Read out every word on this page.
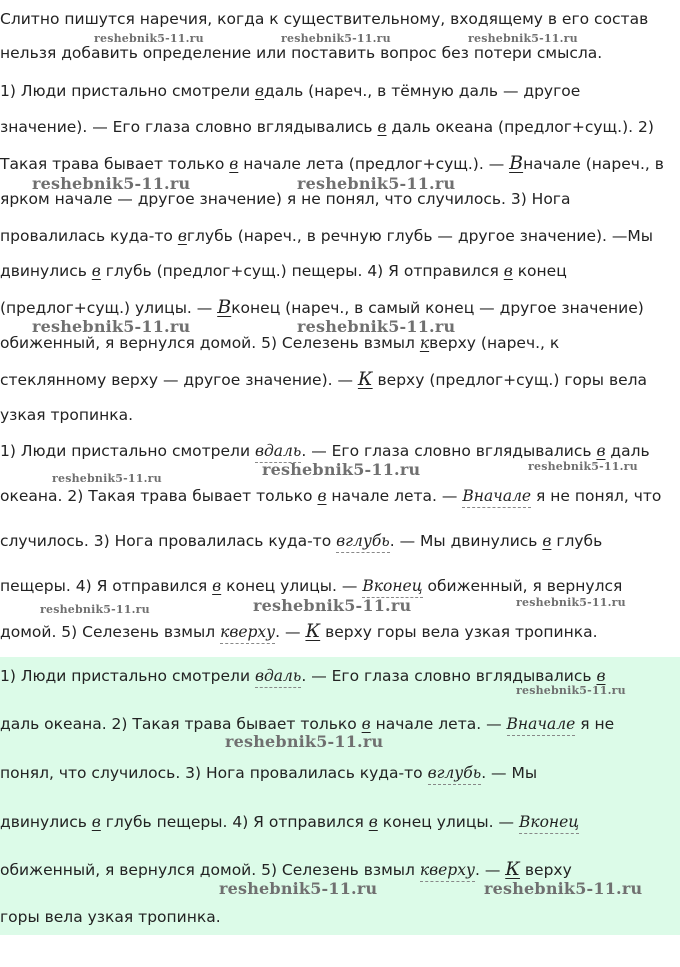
Слитно пишутся наречия, когда к существительному, входящему в его состав
нельзя добавить определение или поставить вопрос без потери смысла.
1) Люди пристально смотрели вдаль (нареч., в тёмную даль — другое
значение). — Его глаза словно вглядывались в даль океана (предлог+сущ.). 2)
Такая трава бывает только в начале лета (предлог+сущ.). — Вначале (нареч., в
ярком начале — другое значение) я не понял, что случилось. 3) Нога
провалилась куда-то вглубь (нареч., в речную глубь — другое значение). —Мы
двинулись в глубь (предлог+сущ.) пещеры. 4) Я отправился в конец
(предлог+сущ.) улицы. — Вконец (нареч., в самый конец — другое значение)
обиженный, я вернулся домой. 5) Селезень взмыл кверху (нареч., к
стеклянному верху — другое значение). — К верху (предлог+сущ.) горы вела
узкая тропинка.
1) Люди пристально смотрели вдаль. — Его глаза словно вглядывались в даль
океана. 2) Такая трава бывает только в начале лета. — Вначале я не понял, что
случилось. 3) Нога провалилась куда-то вглубь. — Мы двинулись в глубь
пещеры. 4) Я отправился в конец улицы. — Вконец обиженный, я вернулся
домой. 5) Селезень взмыл кверху. — К верху горы вела узкая тропинка.
1) Люди пристально смотрели вдаль. — Его глаза словно вглядывались в
даль океана. 2) Такая трава бывает только в начале лета. — Вначале я не
понял, что случилось. 3) Нога провалилась куда-то вглубь. — Мы
двинулись в глубь пещеры. 4) Я отправился в конец улицы. — Вконец
обиженный, я вернулся домой. 5) Селезень взмыл кверху. — К верху
горы вела узкая тропинка.
reshebnik5-11.ru	reshebnik5-11.ru	reshebnik5-11.ru
reshebnik5-11.ru	reshebnik5-11.ru
reshebnik5-11.ru	reshebnik5-11.ru
reshebnik5-11.ru	reshebnik5-11.ru	reshebnik5-11.ru
reshebnik5-11.ru	reshebnik5-11.ru	reshebnik5-11.ru
reshebnik5-11.ru
reshebnik5-11.ru
reshebnik5-11.ru	reshebnik5-11.ru
